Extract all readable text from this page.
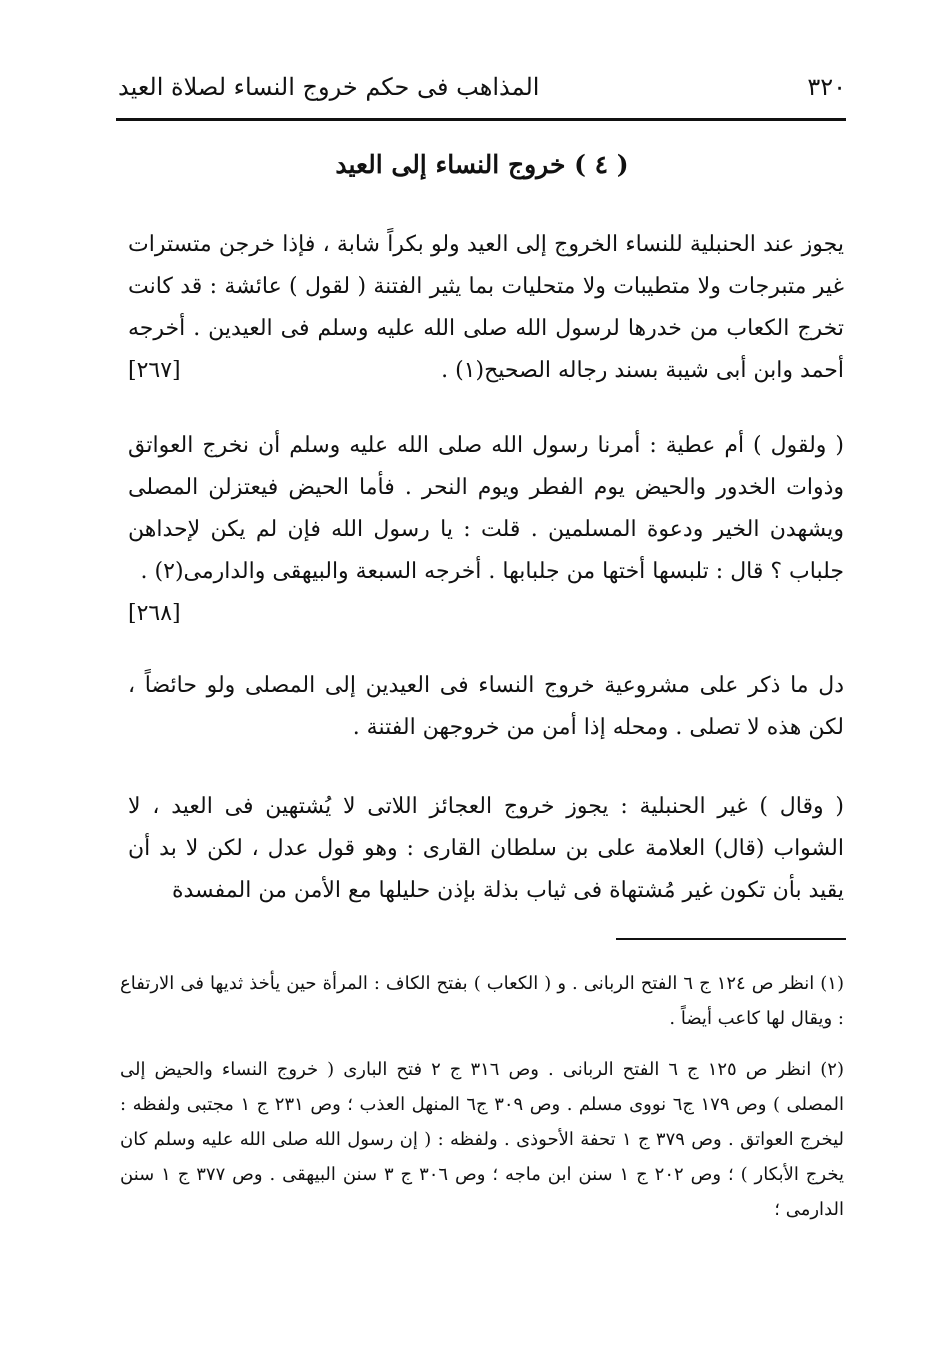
٣٢٠
المذاهب فى حكم خروج النساء لصلاة العيد
( ٤ ) خروج النساء إلى العيد
يجوز عند الحنبلية للنساء الخروج إلى العيد ولو بكراً شابة ، فإذا خرجن متسترات غير متبرجات ولا متطيبات ولا متحليات بما يثير الفتنة ( لقول ) عائشة : قد كانت تخرج الكعاب من خدرها لرسول الله صلى الله عليه وسلم فى العيدين . أخرجه أحمد وابن أبى شيبة بسند رجاله الصحيح(١) .
[٢٦٧]
( ولقول ) أم عطية : أمرنا رسول الله صلى الله عليه وسلم أن نخرج العواتق وذوات الخدور والحيض يوم الفطر ويوم النحر . فأما الحيض فيعتزلن المصلى ويشهدن الخير ودعوة المسلمين . قلت : يا رسول الله فإن لم يكن لإحداهن جلباب ؟ قال : تلبسها أختها من جلبابها . أخرجه السبعة والبيهقى والدارمى(٢) .
[٢٦٨]
دل ما ذكر على مشروعية خروج النساء فى العيدين إلى المصلى ولو حائضاً ، لكن هذه لا تصلى . ومحله إذا أمن من خروجهن الفتنة .
( وقال ) غير الحنبلية : يجوز خروج العجائز اللاتى لا يُشتهين فى العيد ، لا الشواب (قال) العلامة على بن سلطان القارى : وهو قول عدل ، لكن لا بد أن يقيد بأن تكون غير مُشتهاة فى ثياب بذلة بإذن حليلها مع الأمن من المفسدة
(١) انظر ص ١٢٤ ج ٦ الفتح الربانى . و ( الكعاب ) بفتح الكاف : المرأة حين يأخذ ثديها فى الارتفاع : ويقال لها كاعب أيضاً .
(٢) انظر ص ١٢٥ ج ٦ الفتح الربانى . وص ٣١٦ ج ٢ فتح البارى ( خروج النساء والحيض إلى المصلى ) وص ١٧٩ ج٦ نووى مسلم . وص ٣٠٩ ج٦ المنهل العذب ؛ وص ٢٣١ ج ١ مجتبى ولفظه : ليخرج العواتق . وص ٣٧٩ ج ١ تحفة الأحوذى . ولفظه : ( إن رسول الله صلى الله عليه وسلم كان يخرج الأبكار ) ؛ وص ٢٠٢ ج ١ سنن ابن ماجه ؛ وص ٣٠٦ ج ٣ سنن البيهقى . وص ٣٧٧ ج ١ سنن الدارمى ؛
